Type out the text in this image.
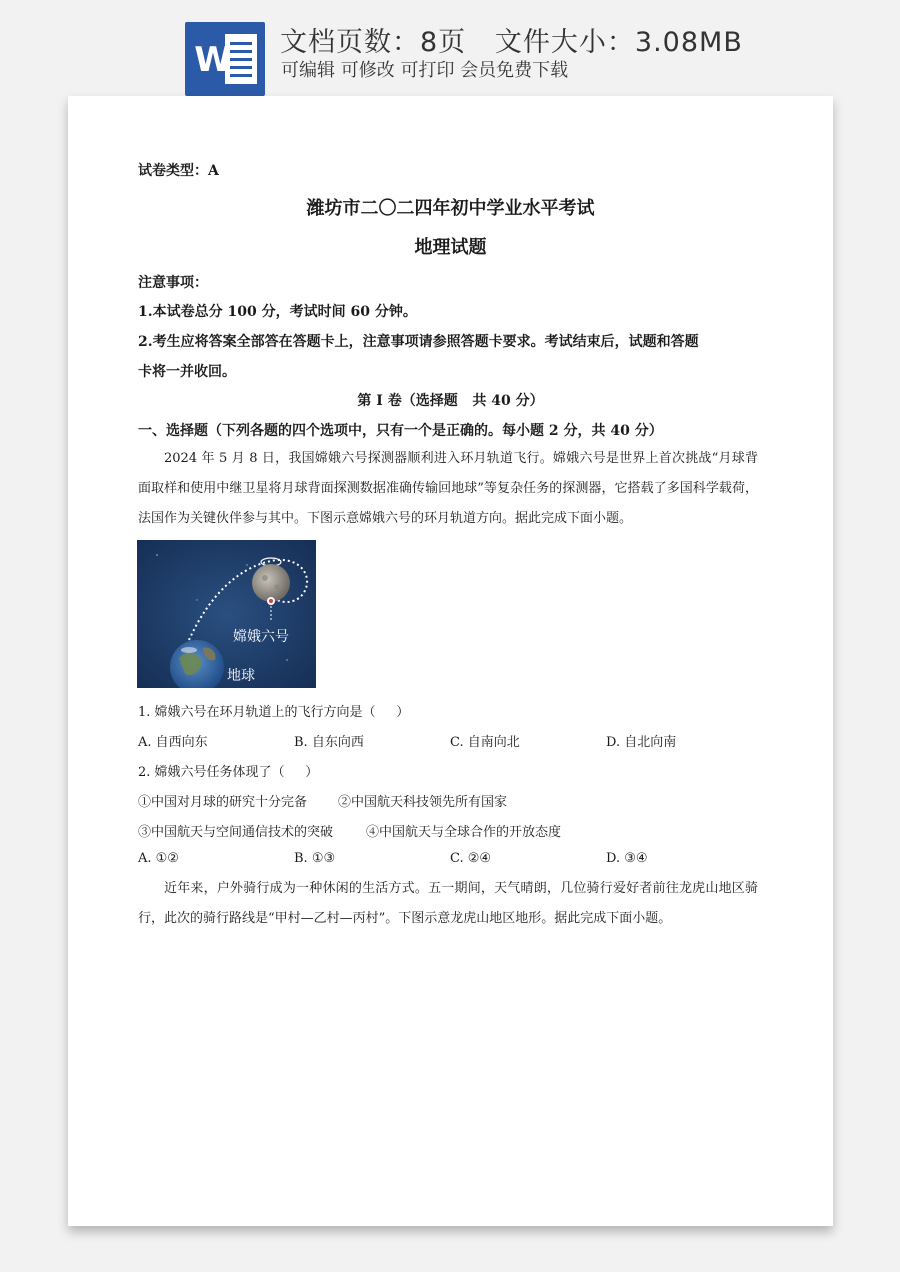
W 文档页数：8页   文件大小：3.08MB
可编辑 可修改 可打印 会员免费下载
试卷类型：A
潍坊市二〇二四年初中学业水平考试
地理试题
注意事项：
1.本试卷总分 100 分，考试时间 60 分钟。
2.考生应将答案全部答在答题卡上，注意事项请参照答题卡要求。考试结束后，试题和答题
卡将一并收回。
第 I 卷（选择题   共 40 分）
一、选择题（下列各题的四个选项中，只有一个是正确的。每小题 2 分，共 40 分）
2024 年 5 月 8 日，我国嫦娥六号探测器顺利进入环月轨道飞行。嫦娥六号是世界上首次挑战“月球背面取样和使用中继卫星将月球背面探测数据准确传输回地球”等复杂任务的探测器，它搭载了多国科学载荷，法国作为关键伙伴参与其中。下图示意嫦娥六号的环月轨道方向。据此完成下面小题。
嫦娥六号
地球
1. 嫦娥六号在环月轨道上的飞行方向是（     ）
A. 自西向东	B. 自东向西	C. 自南向北	D. 自北向南
2. 嫦娥六号任务体现了（     ）
①中国对月球的研究十分完备 ②中国航天科技领先所有国家
③中国航天与空间通信技术的突破	④中国航天与全球合作的开放态度
A. ①②	B. ①③	C. ②④	D. ③④
近年来，户外骑行成为一种休闲的生活方式。五一期间，天气晴朗，几位骑行爱好者前往龙虎山地区骑行，此次的骑行路线是“甲村—乙村—丙村”。下图示意龙虎山地区地形。据此完成下面小题。
